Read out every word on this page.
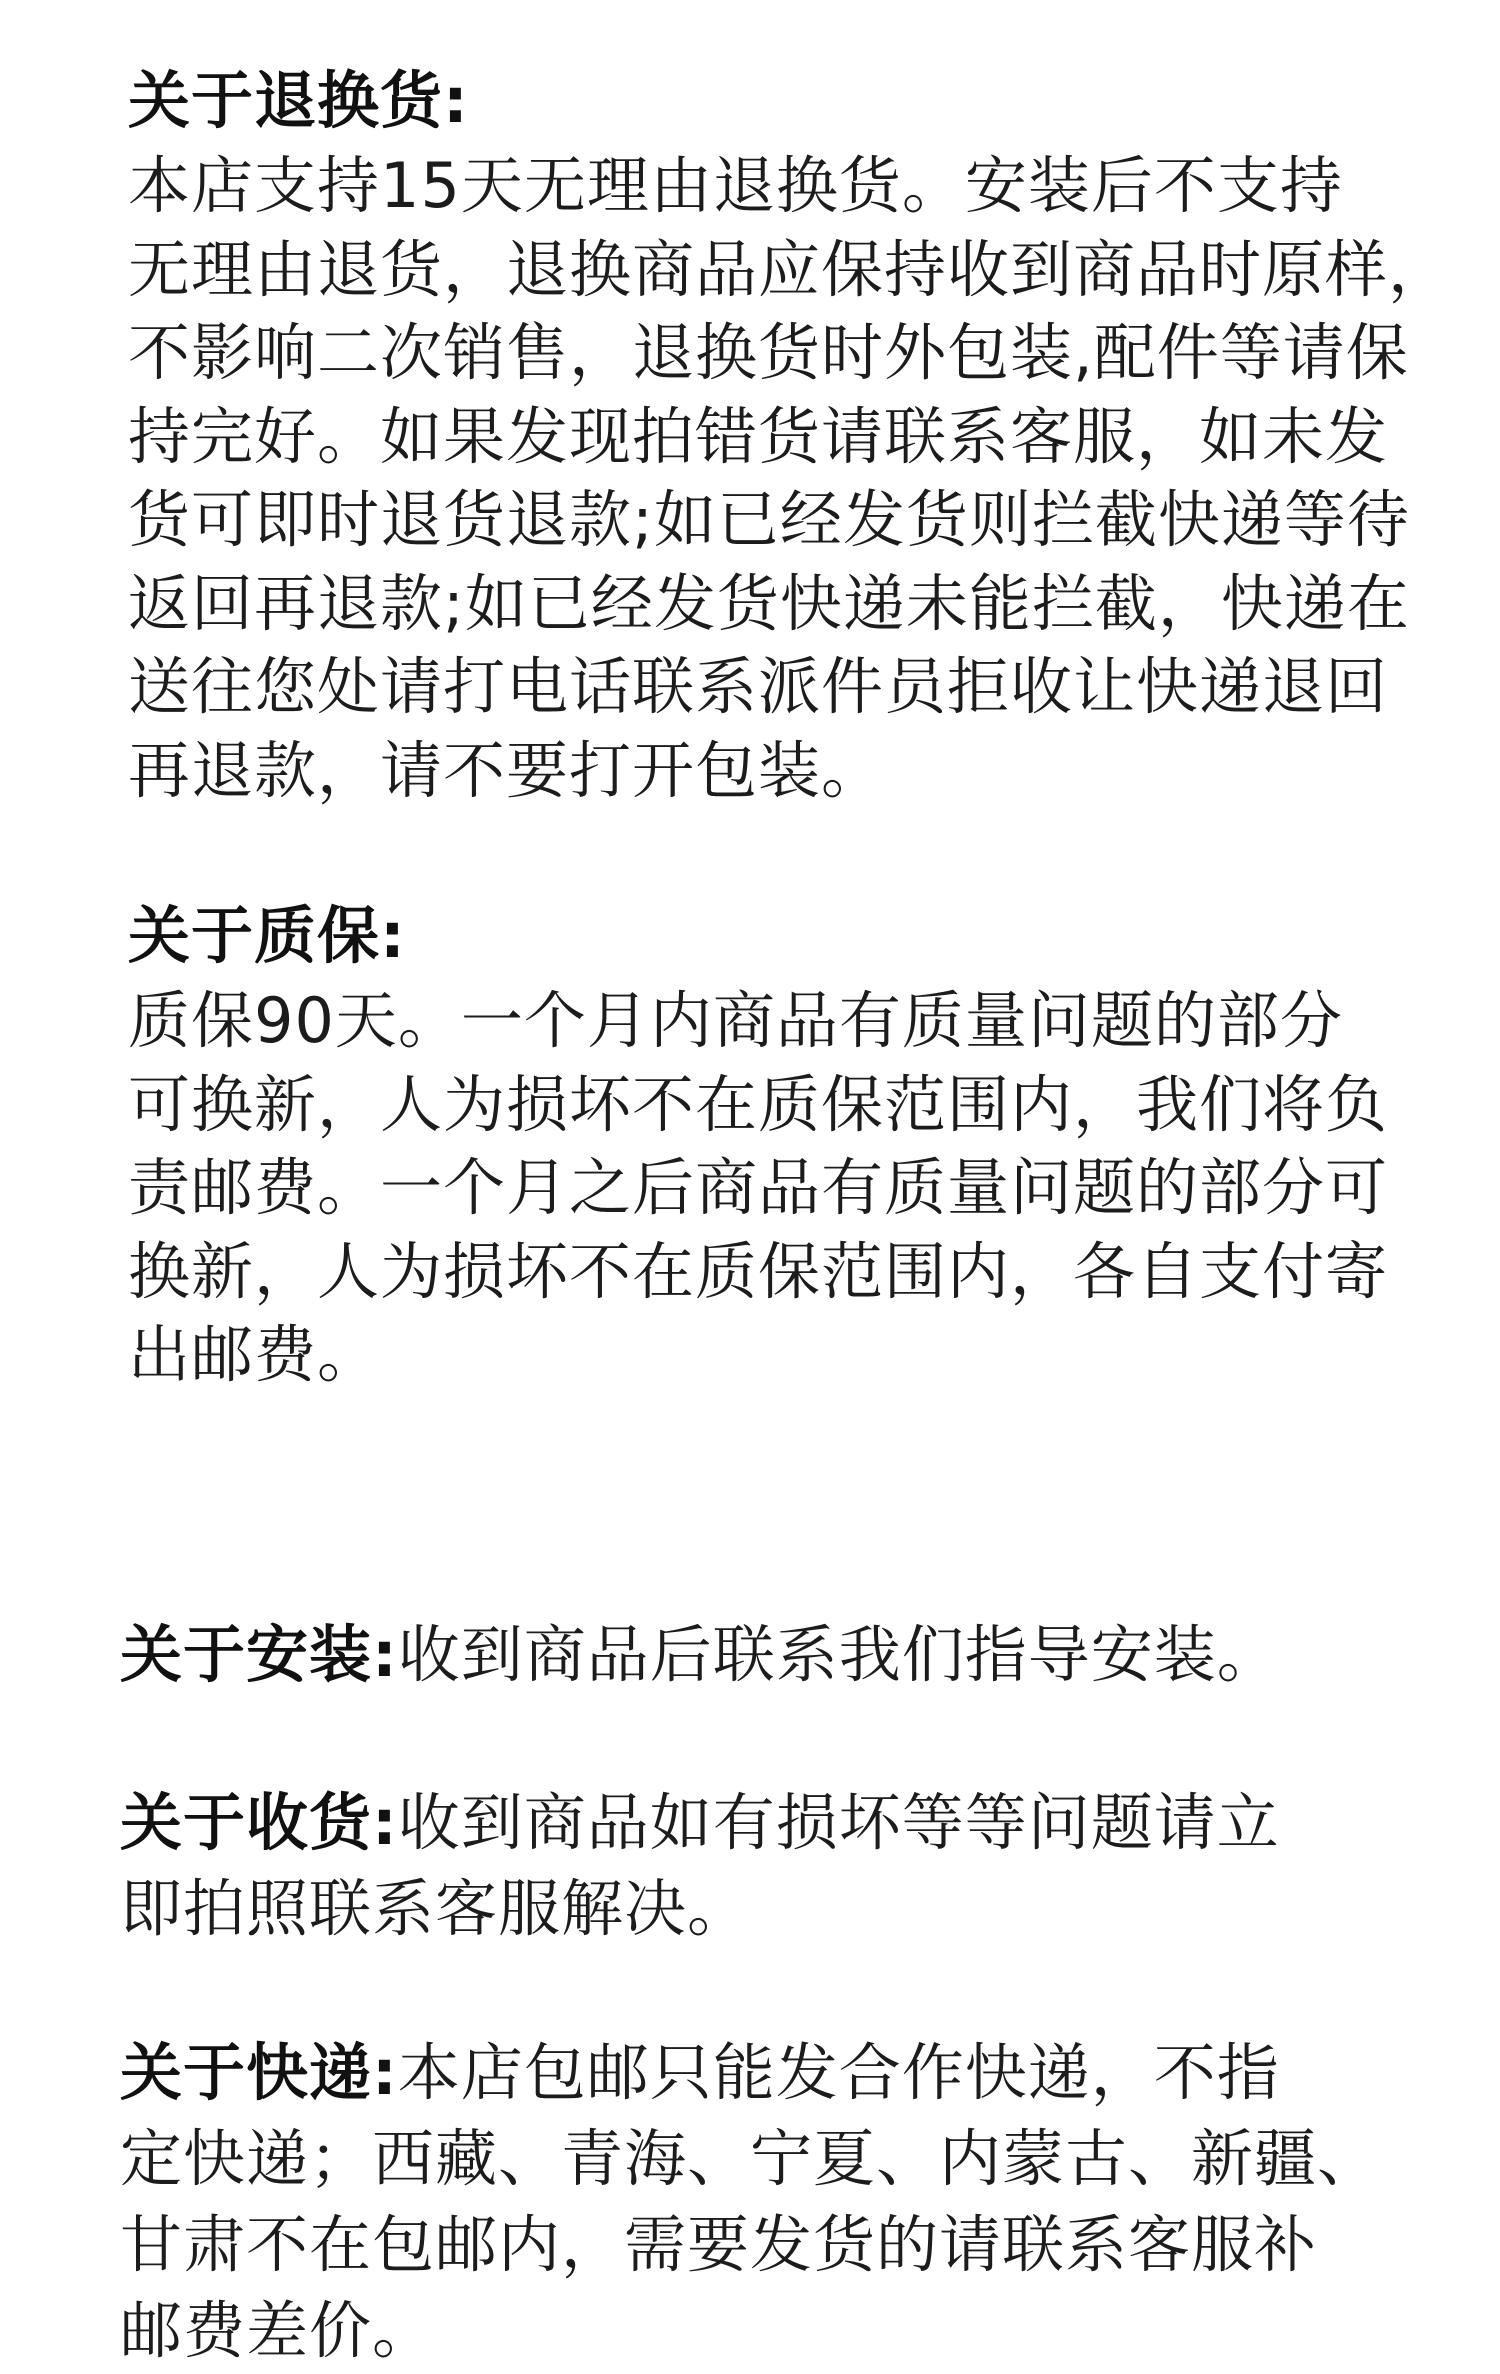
关于退换货:

本店支持15天无理由退换货。安装后不支持
无理由退货，退换商品应保持收到商品时原样，
不影响二次销售，退换货时外包装,配件等请保
持完好。如果发现拍错货请联系客服，如未发
货可即时退货退款;如已经发货则拦截快递等待
返回再退款;如已经发货快递未能拦截，快递在
送往您处请打电话联系派件员拒收让快递退回
再退款，请不要打开包装。

关于质保:

质保90天。一个月内商品有质量问题的部分
可换新，人为损坏不在质保范围内，我们将负
责邮费。一个月之后商品有质量问题的部分可
换新，人为损坏不在质保范围内，各自支付寄
出邮费。

关于安装:收到商品后联系我们指导安装。
关于收货:收到商品如有损坏等等问题请立
即拍照联系客服解决。
关于快递:本店包邮只能发合作快递，不指
定快递；西藏、青海、宁夏、内蒙古、新疆、
甘肃不在包邮内，需要发货的请联系客服补
邮费差价。
